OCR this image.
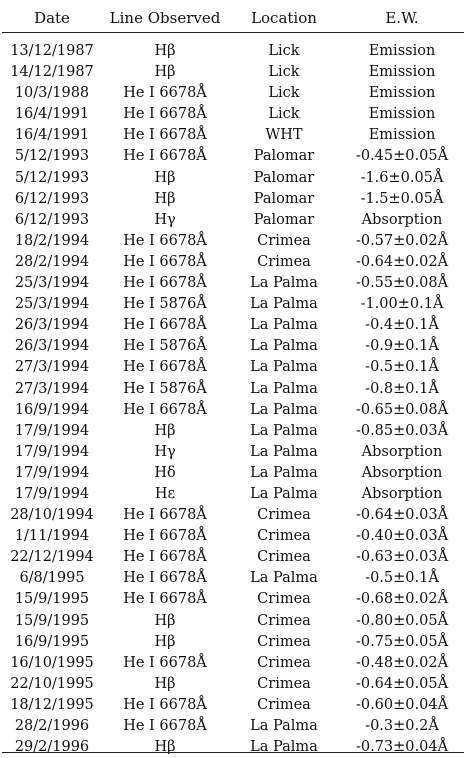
Date	Line Observed	Location	E.W.
13/12/1987	Hβ	Lick	Emission
14/12/1987	Hβ	Lick	Emission
10/3/1988	He I 6678Å	Lick	Emission
16/4/1991	He I 6678Å	Lick	Emission
16/4/1991	He I 6678Å	WHT	Emission
5/12/1993	He I 6678Å	Palomar	-0.45±0.05Å
5/12/1993	Hβ	Palomar	-1.6±0.05Å
6/12/1993	Hβ	Palomar	-1.5±0.05Å
6/12/1993	Hγ	Palomar	Absorption
18/2/1994	He I 6678Å	Crimea	-0.57±0.02Å
28/2/1994	He I 6678Å	Crimea	-0.64±0.02Å
25/3/1994	He I 6678Å	La Palma	-0.55±0.08Å
25/3/1994	He I 5876Å	La Palma	-1.00±0.1Å
26/3/1994	He I 6678Å	La Palma	-0.4±0.1Å
26/3/1994	He I 5876Å	La Palma	-0.9±0.1Å
27/3/1994	He I 6678Å	La Palma	-0.5±0.1Å
27/3/1994	He I 5876Å	La Palma	-0.8±0.1Å
16/9/1994	He I 6678Å	La Palma	-0.65±0.08Å
17/9/1994	Hβ	La Palma	-0.85±0.03Å
17/9/1994	Hγ	La Palma	Absorption
17/9/1994	Hδ	La Palma	Absorption
17/9/1994	Hε	La Palma	Absorption
28/10/1994	He I 6678Å	Crimea	-0.64±0.03Å
1/11/1994	He I 6678Å	Crimea	-0.40±0.03Å
22/12/1994	He I 6678Å	Crimea	-0.63±0.03Å
6/8/1995	He I 6678Å	La Palma	-0.5±0.1Å
15/9/1995	He I 6678Å	Crimea	-0.68±0.02Å
15/9/1995	Hβ	Crimea	-0.80±0.05Å
16/9/1995	Hβ	Crimea	-0.75±0.05Å
16/10/1995	He I 6678Å	Crimea	-0.48±0.02Å
22/10/1995	Hβ	Crimea	-0.64±0.05Å
18/12/1995	He I 6678Å	Crimea	-0.60±0.04Å
28/2/1996	He I 6678Å	La Palma	-0.3±0.2Å
29/2/1996	Hβ	La Palma	-0.73±0.04Å
